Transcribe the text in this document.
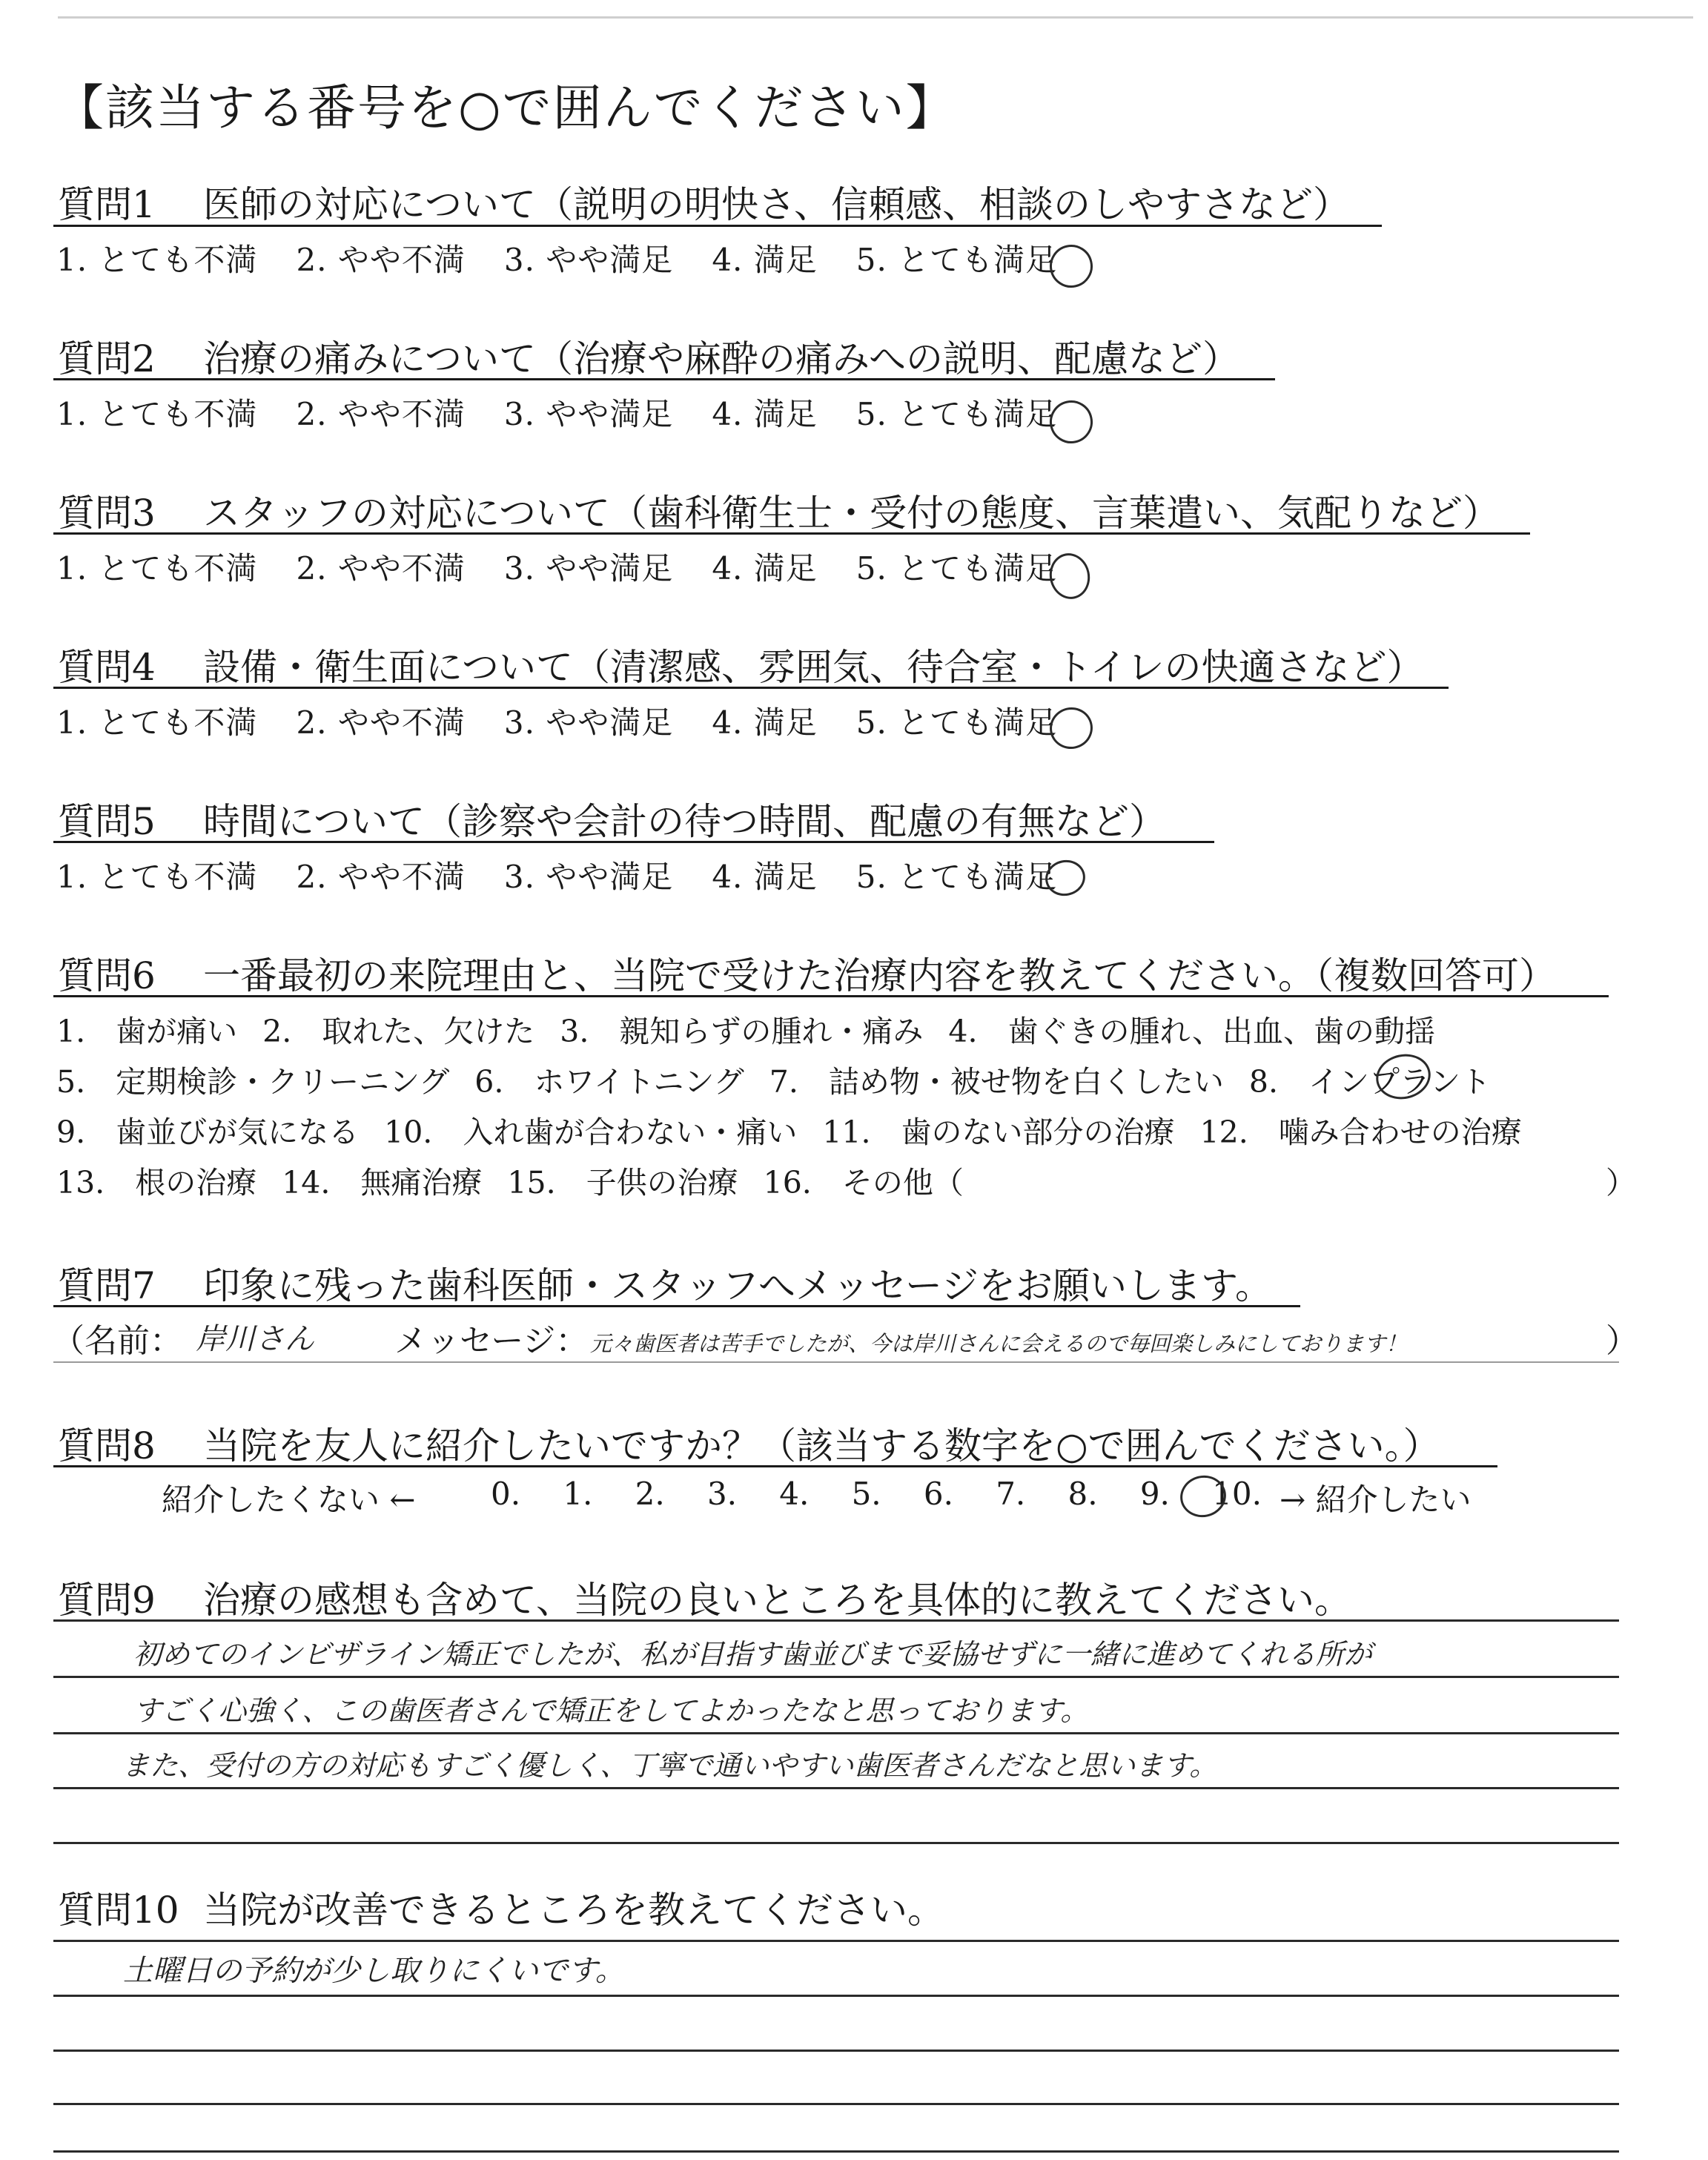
【該当する番号を○で囲んでください】
質問1 医師の対応について（説明の明快さ、信頼感、相談のしやすさなど）
1. とても不満 2. やや不満 3. やや満足 4. 満足 5. とても満足
質問2 治療の痛みについて（治療や麻酔の痛みへの説明、配慮など）
1. とても不満 2. やや不満 3. やや満足 4. 満足 5. とても満足
質問3 スタッフの対応について（歯科衛生士・受付の態度、言葉遣い、気配りなど）
1. とても不満 2. やや不満 3. やや満足 4. 満足 5. とても満足
質問4 設備・衛生面について（清潔感、雰囲気、待合室・トイレの快適さなど）
1. とても不満 2. やや不満 3. やや満足 4. 満足 5. とても満足
質問5 時間について（診察や会計の待つ時間、配慮の有無など）
1. とても不満 2. やや不満 3. やや満足 4. 満足 5. とても満足
質問6 一番最初の来院理由と、当院で受けた治療内容を教えてください。（複数回答可）
1.　歯が痛い 2.　取れた、欠けた 3.　親知らずの腫れ・痛み 4.　歯ぐきの腫れ、出血、歯の動揺
5.　定期検診・クリーニング 6.　ホワイトニング 7.　詰め物・被せ物を白くしたい 8.　インプラント
9.　歯並びが気になる 10.　入れ歯が合わない・痛い 11.　歯のない部分の治療 12.　噛み合わせの治療
13.　根の治療 14.　無痛治療 15.　子供の治療 16.　その他（	）
質問7 印象に残った歯科医師・スタッフへメッセージをお願いします。
（名前： 岸川さん メッセージ： 元々歯医者は苦手でしたが、今は岸川さんに会えるので毎回楽しみにしております！	）
質問8 当院を友人に紹介したいですか？（該当する数字を○で囲んでください。）
紹介したくない ← 0. 1. 2. 3. 4. 5. 6. 7. 8. 9. 10. → 紹介したい
質問9 治療の感想も含めて、当院の良いところを具体的に教えてください。
初めてのインビザライン矯正でしたが、私が目指す歯並びまで妥協せずに一緒に進めてくれる所が
すごく心強く、この歯医者さんで矯正をしてよかったなと思っております。
また、受付の方の対応もすごく優しく、丁寧で通いやすい歯医者さんだなと思います。
質問10 当院が改善できるところを教えてください。
土曜日の予約が少し取りにくいです。
